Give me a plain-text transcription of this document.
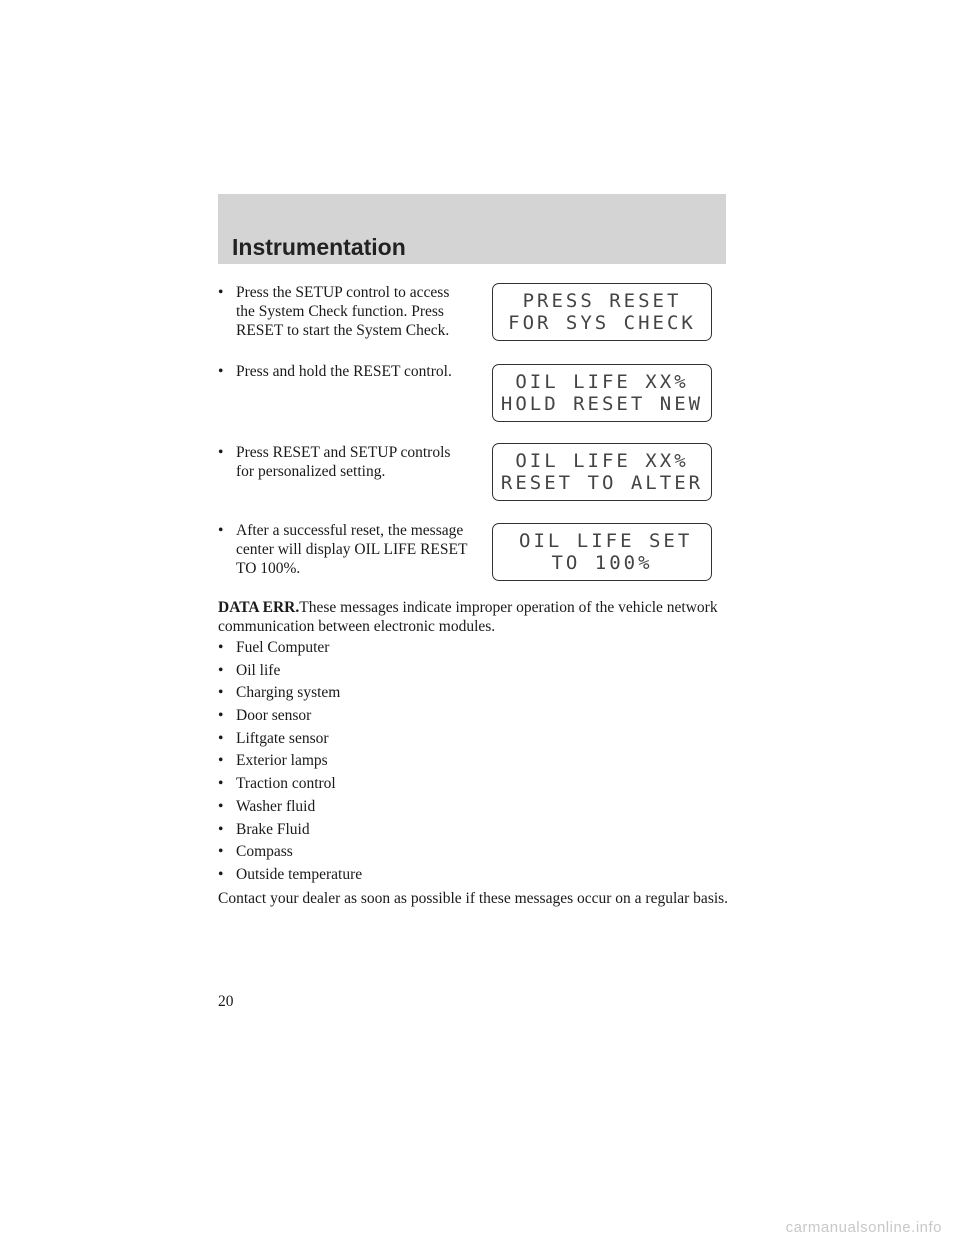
Instrumentation
• Press the SETUP control to access the System Check function. Press RESET to start the System Check.
PRESS RESET
FOR SYS CHECK
• Press and hold the RESET control.	OIL LIFE XX%
HOLD RESET NEW
• Press RESET and SETUP controls for personalized setting.	OIL LIFE XX%
RESET TO ALTER
• After a successful reset, the message center will display OIL LIFE RESET TO 100%.
OIL LIFE SET
TO 100%
DATA ERR.These messages indicate improper operation of the vehicle network communication between electronic modules.
• Fuel Computer
• Oil life
• Charging system
• Door sensor
• Liftgate sensor
• Exterior lamps
• Traction control
• Washer fluid
• Brake Fluid
• Compass
• Outside temperature
Contact your dealer as soon as possible if these messages occur on a regular basis.
20
carmanualsonline.info
